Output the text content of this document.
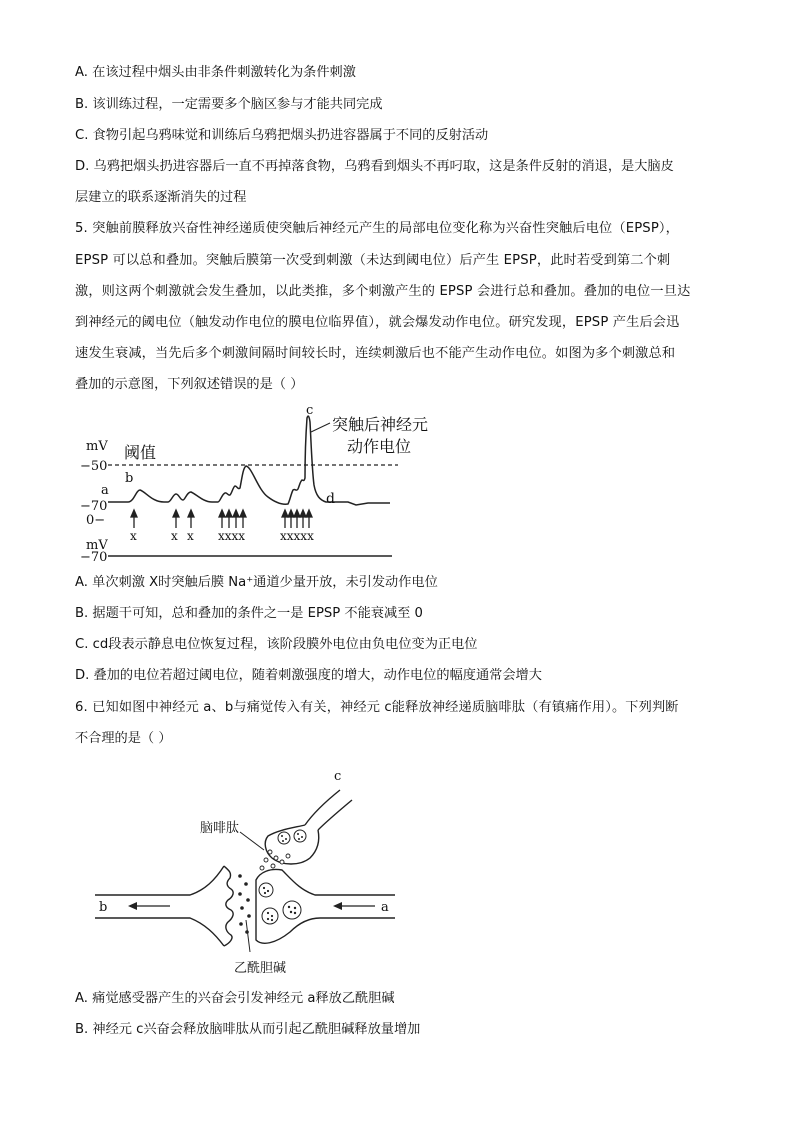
A. 在该过程中烟头由非条件刺激转化为条件刺激
B. 该训练过程，一定需要多个脑区参与才能共同完成
C. 食物引起乌鸦味觉和训练后乌鸦把烟头扔进容器属于不同的反射活动
D. 乌鸦把烟头扔进容器后一直不再掉落食物，乌鸦看到烟头不再叼取，这是条件反射的消退，是大脑皮
层建立的联系逐渐消失的过程
5. 突触前膜释放兴奋性神经递质使突触后神经元产生的局部电位变化称为兴奋性突触后电位（EPSP），
EPSP 可以总和叠加。突触后膜第一次受到刺激（未达到阈电位）后产生 EPSP，此时若受到第二个刺
激，则这两个刺激就会发生叠加，以此类推，多个刺激产生的 EPSP 会进行总和叠加。叠加的电位一旦达
到神经元的阈电位（触发动作电位的膜电位临界值），就会爆发动作电位。研究发现，EPSP 产生后会迅
速发生衰减，当先后多个刺激间隔时间较长时，连续刺激后也不能产生动作电位。如图为多个刺激总和
叠加的示意图，下列叙述错误的是（ ）
mV
−50
阈值
−70
0−
mV
−70
a
b
c
d
突触后神经元
动作电位
x	x x xxxx	xxxxx
A. 单次刺激 X时突触后膜 Na⁺通道少量开放，未引发动作电位
B. 据题干可知，总和叠加的条件之一是 EPSP 不能衰减至 0
C. cd段表示静息电位恢复过程，该阶段膜外电位由负电位变为正电位
D. 叠加的电位若超过阈电位，随着刺激强度的增大，动作电位的幅度通常会增大
6. 已知如图中神经元 a、b与痛觉传入有关，神经元 c能释放神经递质脑啡肽（有镇痛作用）。下列判断
不合理的是（ ）
c
脑啡肽
b	a
乙酰胆碱
A. 痛觉感受器产生的兴奋会引发神经元 a释放乙酰胆碱
B. 神经元 c兴奋会释放脑啡肽从而引起乙酰胆碱释放量增加
